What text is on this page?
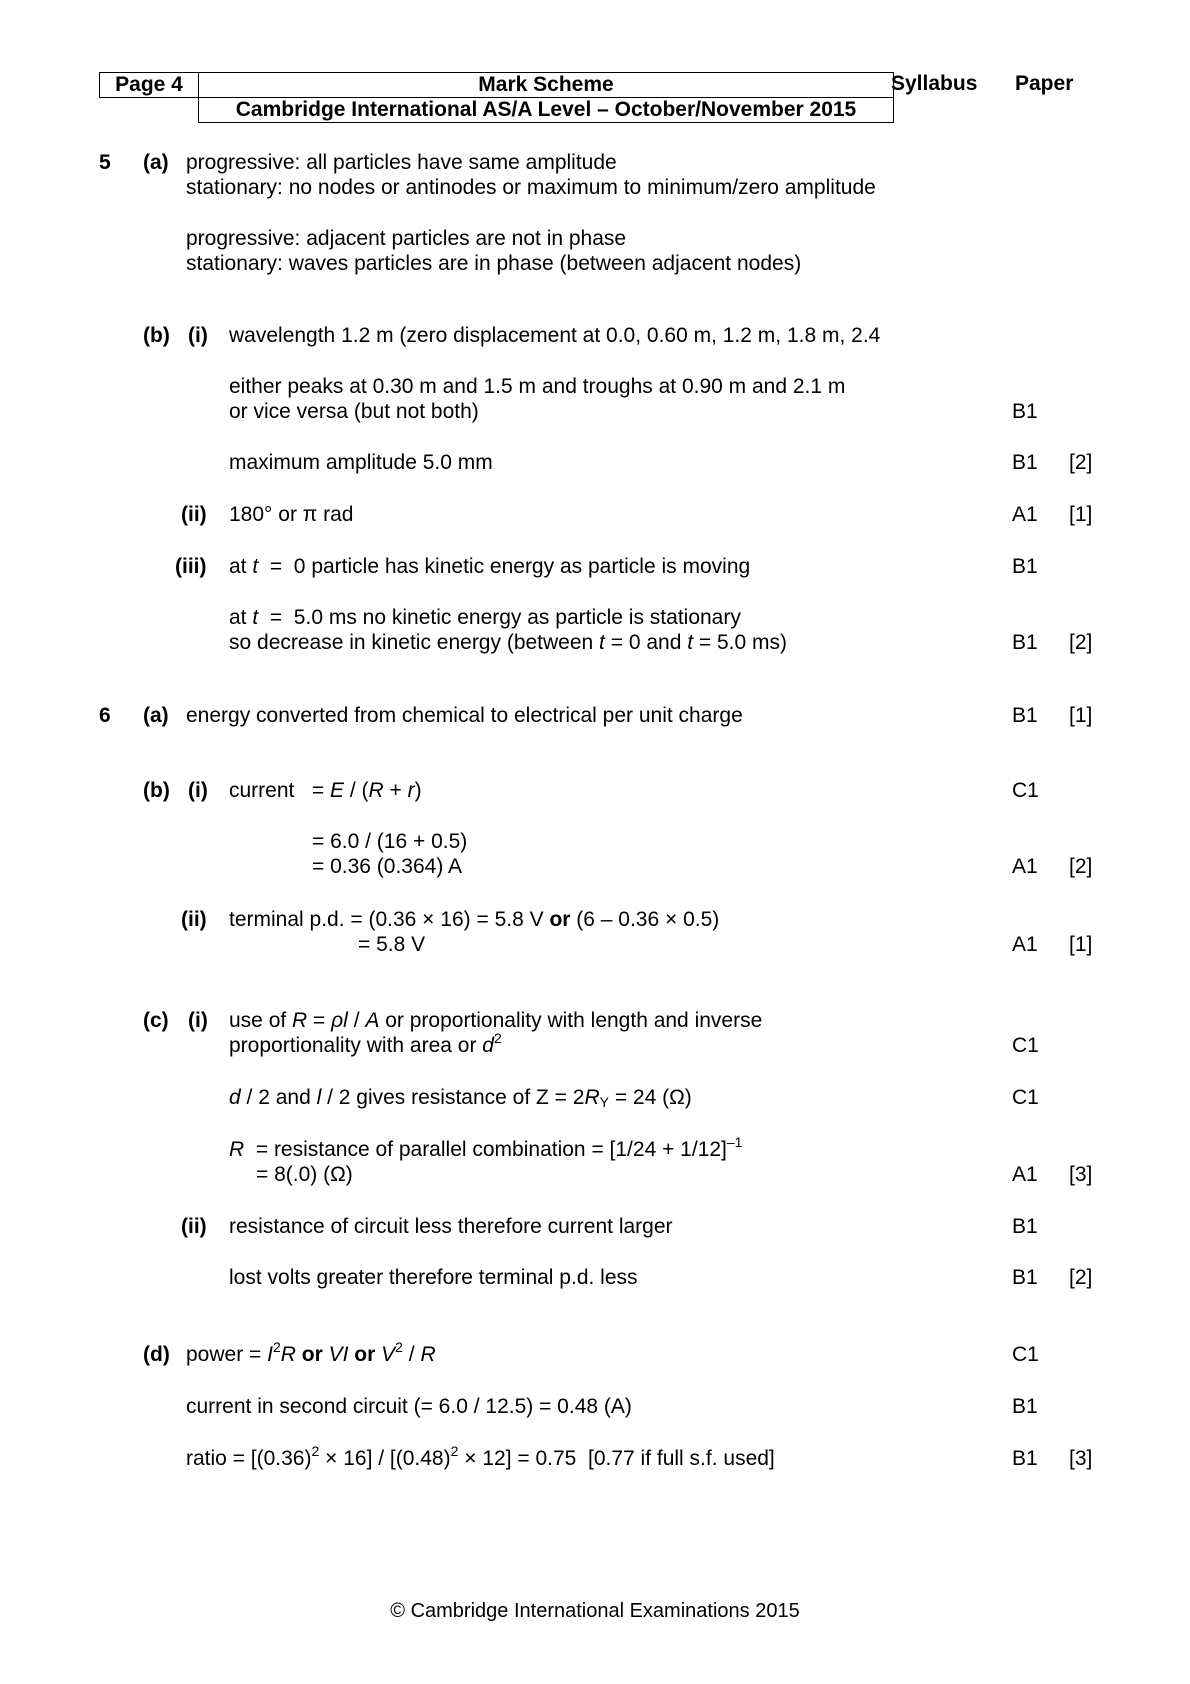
Page 4	Mark Scheme
	Cambridge International AS/A Level – October/November 2015
Syllabus Paper
5 (a) progressive: all particles have same amplitude
stationary: no nodes or antinodes or maximum to minimum/zero amplitude
progressive: adjacent particles are not in phase
stationary: waves particles are in phase (between adjacent nodes)
(b) (i) wavelength 1.2 m (zero displacement at 0.0, 0.60 m, 1.2 m, 1.8 m, 2.4
either peaks at 0.30 m and 1.5 m and troughs at 0.90 m and 2.1 m
or vice versa (but not both)	B1
maximum amplitude 5.0 mm	B1 [2]
(ii) 180° or π rad	A1 [1]
(iii) at t  =  0 particle has kinetic energy as particle is moving	B1
at t  =  5.0 ms no kinetic energy as particle is stationary
so decrease in kinetic energy (between t = 0 and t = 5.0 ms)	B1 [2]
6 (a) energy converted from chemical to electrical per unit charge	B1 [1]
(b) (i) current   = E / (R + r)	C1
= 6.0 / (16 + 0.5)
= 0.36 (0.364) A	A1 [2]
(ii) terminal p.d. = (0.36 × 16) = 5.8 V or (6 – 0.36 × 0.5)
= 5.8 V	A1 [1]
(c) (i) use of R = ρl / A or proportionality with length and inverse
proportionality with area or $d^2$	C1
d / 2 and l / 2 gives resistance of $Z = 2R_Y = 24$ (Ω)	C1
R  = resistance of parallel combination = $[1/24 + 1/12]^{-1}$
= 8(.0) (Ω)	A1 [3]
(ii) resistance of circuit less therefore current larger	B1
lost volts greater therefore terminal p.d. less	B1 [2]
(d) power = $I^2R$ or VI or $V^2$ / R	C1
current in second circuit (= 6.0 / 12.5) = 0.48 (A)	B1
ratio = $[(0.36)^2 \times 16] / [(0.48)^2 \times 12] = 0.75$  [0.77 if full s.f. used]	B1 [3]
© Cambridge International Examinations 2015
